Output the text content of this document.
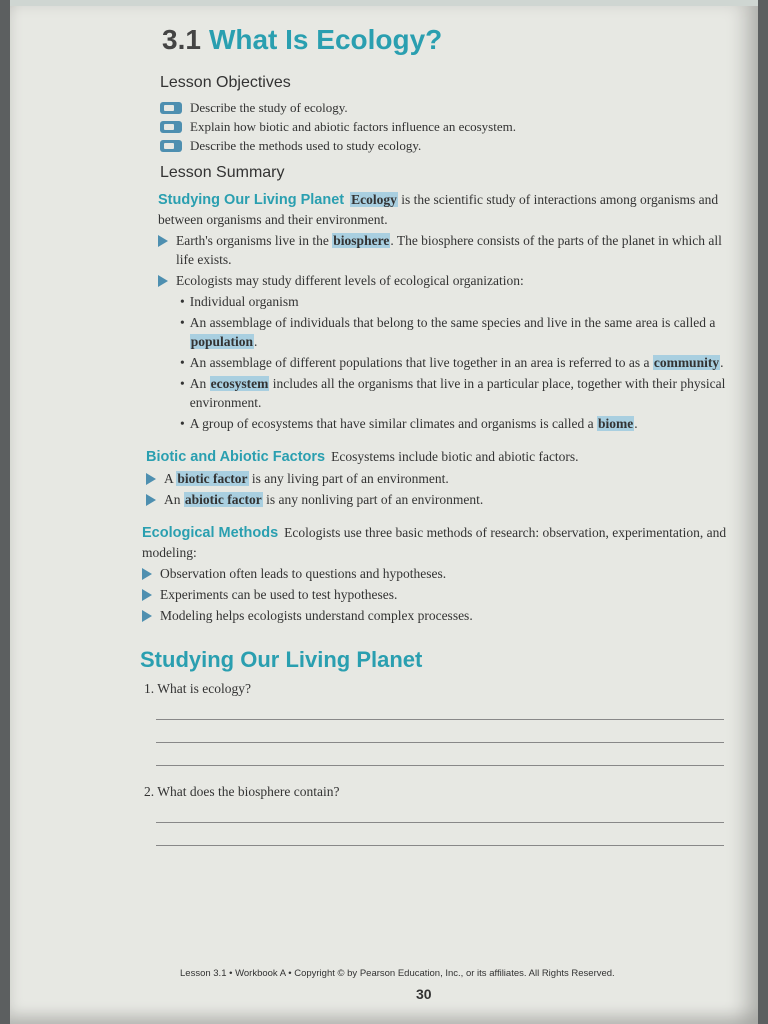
3.1 What Is Ecology?
Lesson Objectives
Describe the study of ecology.
Explain how biotic and abiotic factors influence an ecosystem.
Describe the methods used to study ecology.
Lesson Summary
Studying Our Living Planet Ecology is the scientific study of interactions among organisms and between organisms and their environment.
Earth's organisms live in the biosphere. The biosphere consists of the parts of the planet in which all life exists.
Ecologists may study different levels of ecological organization:
• Individual organism
• An assemblage of individuals that belong to the same species and live in the same area is called a population.
• An assemblage of different populations that live together in an area is referred to as a community.
• An ecosystem includes all the organisms that live in a particular place, together with their physical environment.
• A group of ecosystems that have similar climates and organisms is called a biome.
Biotic and Abiotic Factors Ecosystems include biotic and abiotic factors.
A biotic factor is any living part of an environment.
An abiotic factor is any nonliving part of an environment.
Ecological Methods Ecologists use three basic methods of research: observation, experimentation, and modeling:
Observation often leads to questions and hypotheses.
Experiments can be used to test hypotheses.
Modeling helps ecologists understand complex processes.
Studying Our Living Planet
1. What is ecology?
2. What does the biosphere contain?
Lesson 3.1 • Workbook A • Copyright © by Pearson Education, Inc., or its affiliates. All Rights Reserved.
30
